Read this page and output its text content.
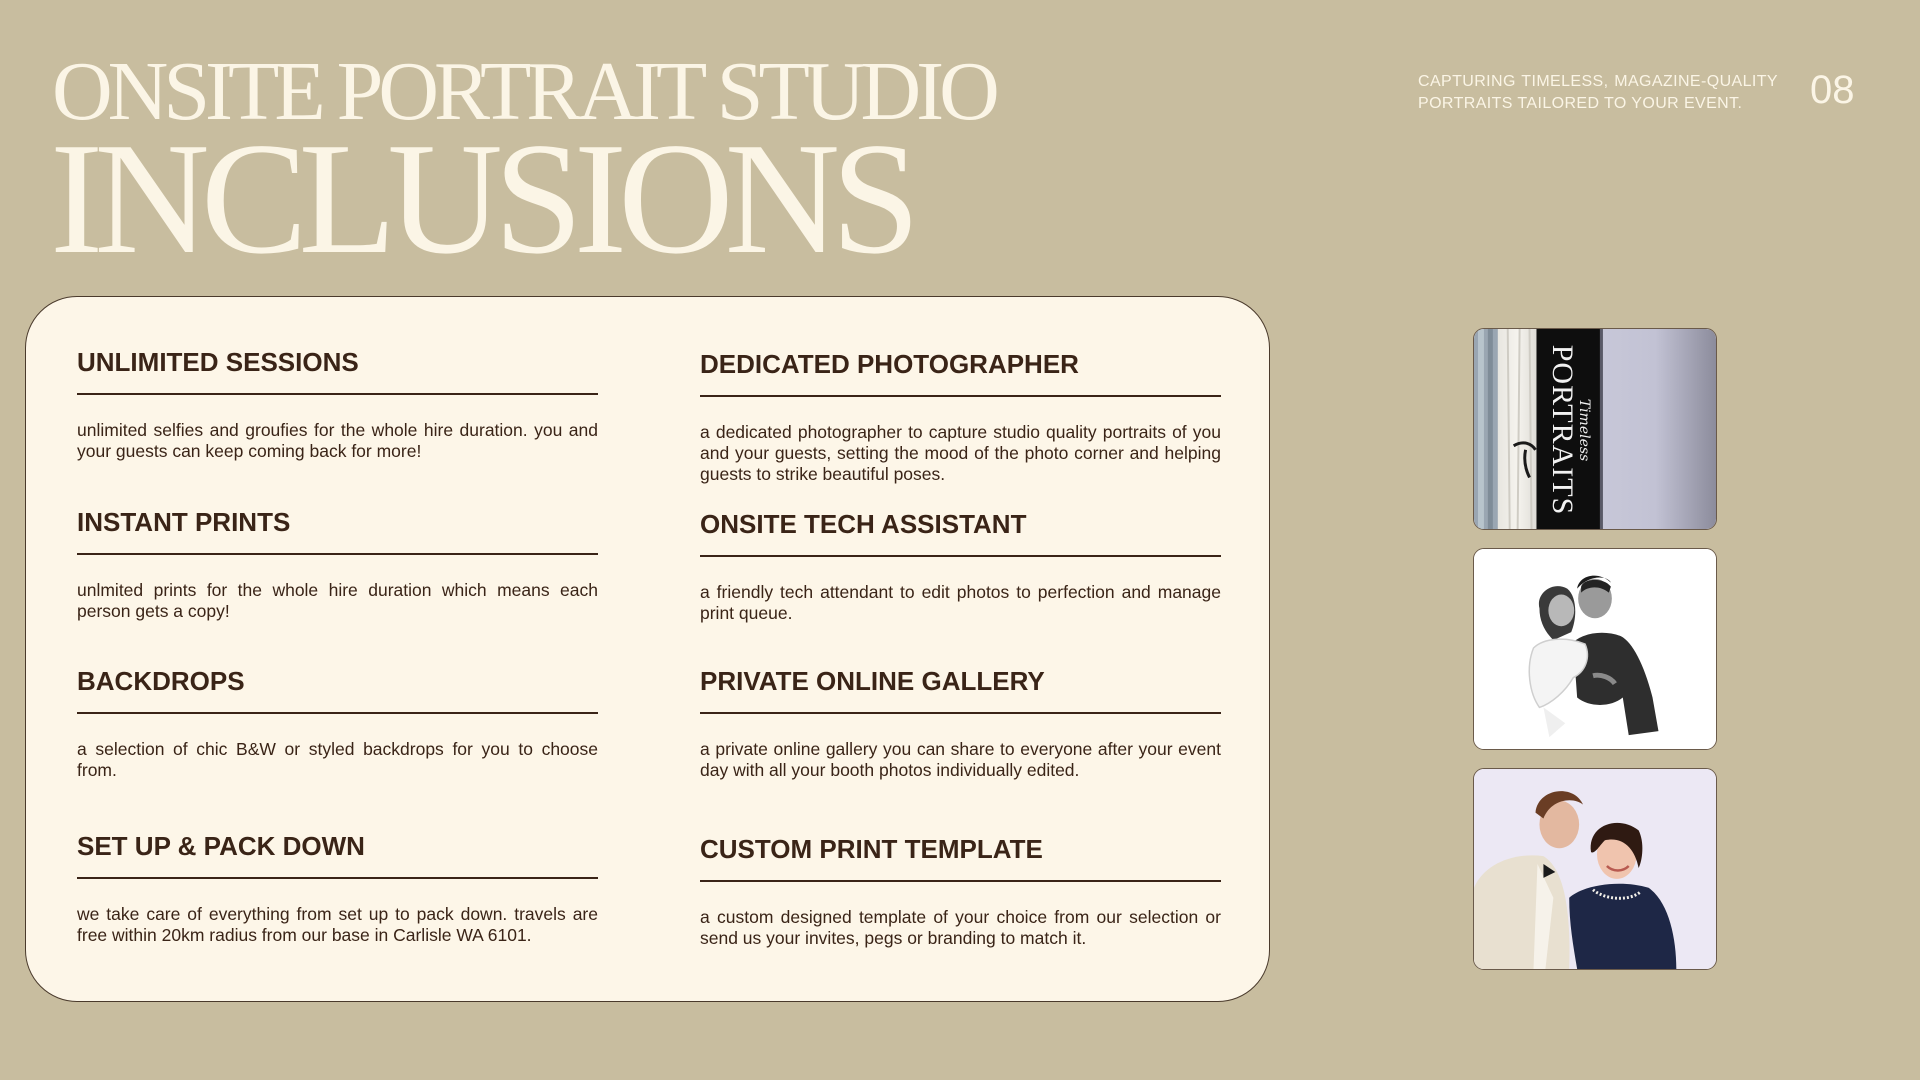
ONSITE PORTRAIT STUDIO
INCLUSIONS
CAPTURING TIMELESS, MAGAZINE-QUALITY PORTRAITS TAILORED TO YOUR EVENT.	08
UNLIMITED SESSIONS

unlimited selfies and groufies for the whole hire duration. you and your guests can keep coming back for more!

DEDICATED PHOTOGRAPHER

a dedicated photographer to capture studio quality portraits of you and your guests, setting the mood of the photo corner and helping guests to strike beautiful poses.

INSTANT PRINTS

unlmited prints for the whole hire duration which means each person gets a copy!

ONSITE TECH ASSISTANT

a friendly tech attendant to edit photos to perfection and manage print queue.

BACKDROPS

a selection of chic B&W or styled backdrops for you to choose from.

PRIVATE ONLINE GALLERY

a private online gallery you can share to everyone after your event day with all your booth photos individually edited.

SET UP & PACK DOWN

we take care of everything from set up to pack down. travels are free within 20km radius from our base in Carlisle WA 6101.

CUSTOM PRINT TEMPLATE

a custom designed template of your choice from our selection or send us your invites, pegs or branding to match it.

Timeless
PORTRAITS
